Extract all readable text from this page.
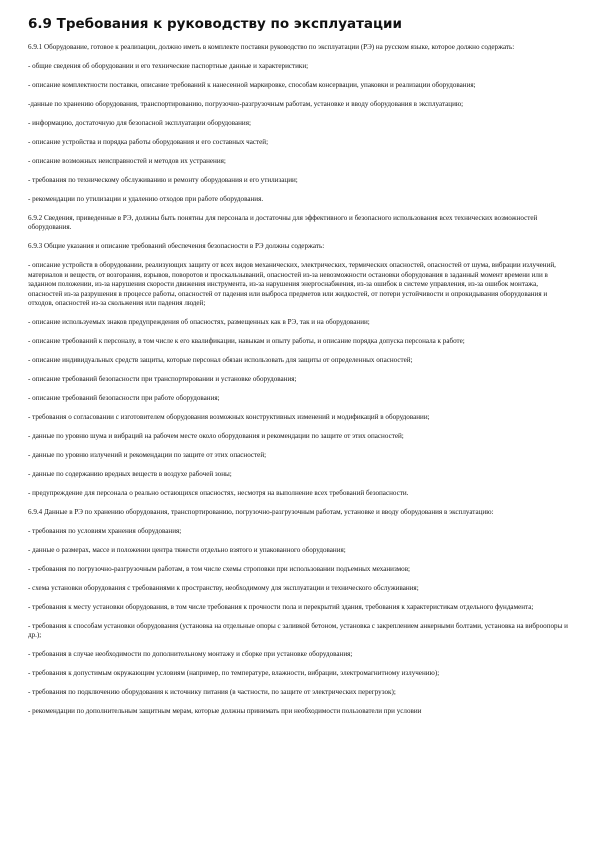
6.9 Требования к руководству по эксплуатации

6.9.1 Оборудование, готовое к реализации, должно иметь в комплекте поставки руководство по эксплуатации (РЭ) на русском языке, которое должно содержать:

- общие сведения об оборудовании и его технические паспортные данные и характеристики;

- описание комплектности поставки, описание требований к нанесенной маркировке, способам консервации, упаковки и реализации оборудования;

-данные по хранению оборудования, транспортированию, погрузочно-разгрузочным работам, установке и вводу оборудования в эксплуатацию;

- информацию, достаточную для безопасной эксплуатации оборудования;

- описание устройства и порядка работы оборудования и его составных частей;

- описание возможных неисправностей и методов их устранения;

- требования по техническому обслуживанию и ремонту оборудования и его утилизации;

- рекомендации по утилизации и удалению отходов при работе оборудования.

6.9.2 Сведения, приведенные в РЭ, должны быть понятны для персонала и достаточны для эффективного и безопасного использования всех технических возможностей оборудования.

6.9.3 Общие указания и описание требований обеспечения безопасности в РЭ должны содержать:

- описание устройств в оборудовании, реализующих защиту от всех видов механических, электрических, термических опасностей, опасностей от шума, вибрации излучений, материалов и веществ, от возгорания, взрывов, поворотов и проскальзываний, опасностей из-за невозможности остановки оборудования в заданный момент времени или в заданном положении, из-за нарушения скорости движения инструмента, из-за нарушения энергоснабжения, из-за ошибок в системе управления, из-за ошибок монтажа, опасностей из-за разрушения в процессе работы, опасностей от падения или выброса предметов или жидкостей, от потери устойчивости и опрокидывания оборудования и отходов, опасностей из-за скольжения или падения людей;

- описание используемых знаков предупреждения об опасностях, размещенных как в РЭ, так и на оборудовании;

- описание требований к персоналу, в том числе к его квалификации, навыкам и опыту работы, и описание порядка допуска персонала к работе;

- описание индивидуальных средств защиты, которые персонал обязан использовать для защиты от определенных опасностей;

- описание требований безопасности при транспортировании и установке оборудования;

- описание требований безопасности при работе оборудования;

- требования о согласовании с изготовителем оборудования возможных конструктивных изменений и модификаций в оборудовании;

- данные по уровню шума и вибраций на рабочем месте около оборудования и рекомендации по защите от этих опасностей;

- данные по уровню излучений и рекомендации по защите от этих опасностей;

- данные по содержанию вредных веществ в воздухе рабочей зоны;

- предупреждение для персонала о реально остающихся опасностях, несмотря на выполнение всех требований безопасности.

6.9.4 Данные в РЭ по хранению оборудования, транспортированию, погрузочно-разгрузочным работам, установке и вводу оборудования в эксплуатацию:

- требования по условиям хранения оборудования;

- данные о размерах, массе и положении центра тяжести отдельно взятого и упакованного оборудования;

- требования по погрузочно-разгрузочным работам, в том числе схемы строповки при использовании подъемных механизмов;

- схема установки оборудования с требованиями к пространству, необходимому для эксплуатации и технического обслуживания;

- требования к месту установки оборудования, в том числе требования к прочности пола и перекрытий здания, требования к характеристикам отдельного фундамента;

- требования к способам установки оборудования (установка на отдельные опоры с заливкой бетоном, установка с закреплением анкерными болтами, установка на виброопоры и др.);

- требования в случае необходимости по дополнительному монтажу и сборке при установке оборудования;

- требования к допустимым окружающим условиям (например, по температуре, влажности, вибрации, электромагнитному излучению);

- требования по подключению оборудования к источнику питания (в частности, по защите от электрических перегрузок);

- рекомендации по дополнительным защитным мерам, которые должны принимать при необходимости пользователи при условии
